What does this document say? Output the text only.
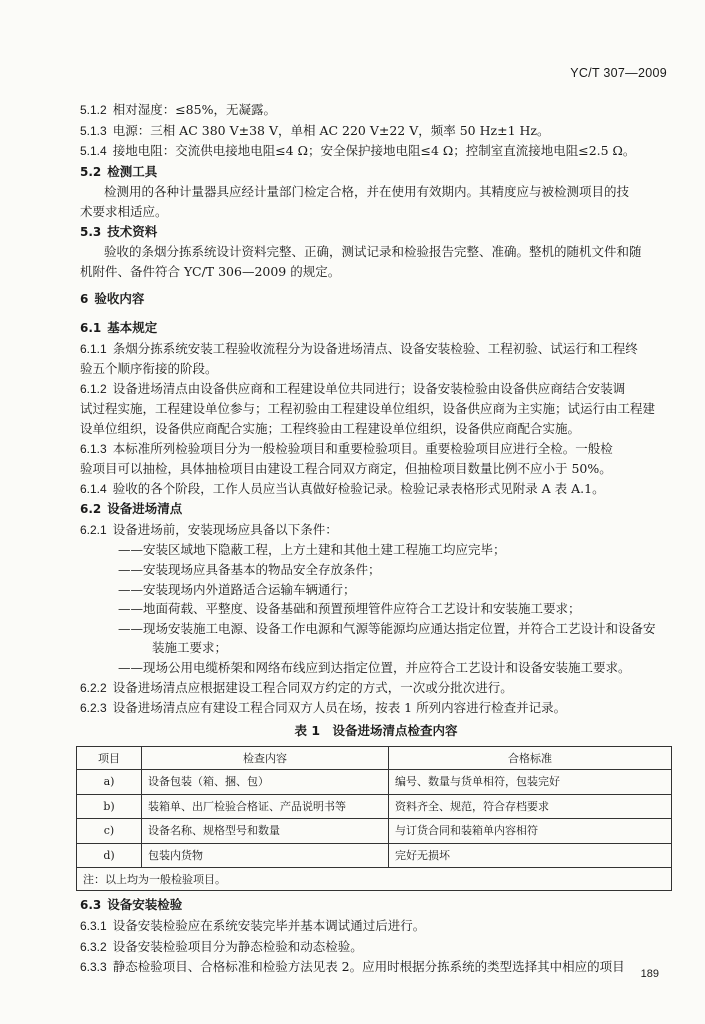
YC/T 307—2009
5.1.2 相对湿度：≤85%，无凝露。
5.1.3 电源：三相 AC 380 V±38 V，单相 AC 220 V±22 V，频率 50 Hz±1 Hz。
5.1.4 接地电阻：交流供电接地电阻≤4 Ω；安全保护接地电阻≤4 Ω；控制室直流接地电阻≤2.5 Ω。
5.2 检测工具
检测用的各种计量器具应经计量部门检定合格，并在使用有效期内。其精度应与被检测项目的技
术要求相适应。
5.3 技术资料
验收的条烟分拣系统设计资料完整、正确，测试记录和检验报告完整、准确。整机的随机文件和随
机附件、备件符合 YC/T 306—2009 的规定。
6 验收内容
6.1 基本规定
6.1.1 条烟分拣系统安装工程验收流程分为设备进场清点、设备安装检验、工程初验、试运行和工程终
验五个顺序衔接的阶段。
6.1.2 设备进场清点由设备供应商和工程建设单位共同进行；设备安装检验由设备供应商结合安装调
试过程实施，工程建设单位参与；工程初验由工程建设单位组织，设备供应商为主实施；试运行由工程建
设单位组织，设备供应商配合实施；工程终验由工程建设单位组织，设备供应商配合实施。
6.1.3 本标准所列检验项目分为一般检验项目和重要检验项目。重要检验项目应进行全检。一般检
验项目可以抽检，具体抽检项目由建设工程合同双方商定，但抽检项目数量比例不应小于 50%。
6.1.4 验收的各个阶段，工作人员应当认真做好检验记录。检验记录表格形式见附录 A 表 A.1。
6.2 设备进场清点
6.2.1 设备进场前，安装现场应具备以下条件：
——安装区域地下隐蔽工程，上方土建和其他土建工程施工均应完毕；
——安装现场应具备基本的物品安全存放条件；
——安装现场内外道路适合运输车辆通行；
——地面荷载、平整度、设备基础和预置预埋管件应符合工艺设计和安装施工要求；
——现场安装施工电源、设备工作电源和气源等能源均应通达指定位置，并符合工艺设计和设备安
装施工要求；
——现场公用电缆桥架和网络布线应到达指定位置，并应符合工艺设计和设备安装施工要求。
6.2.2 设备进场清点应根据建设工程合同双方约定的方式，一次或分批次进行。
6.2.3 设备进场清点应有建设工程合同双方人员在场，按表 1 所列内容进行检查并记录。
表 1　设备进场清点检查内容
项目	检查内容	合格标准
a)	设备包装（箱、捆、包）	编号、数量与货单相符，包装完好
b)	装箱单、出厂检验合格证、产品说明书等	资料齐全、规范，符合存档要求
c)	设备名称、规格型号和数量	与订货合同和装箱单内容相符
d)	包装内货物	完好无损坏
注：以上均为一般检验项目。		
6.3 设备安装检验
6.3.1 设备安装检验应在系统安装完毕并基本调试通过后进行。
6.3.2 设备安装检验项目分为静态检验和动态检验。
6.3.3 静态检验项目、合格标准和检验方法见表 2。应用时根据分拣系统的类型选择其中相应的项目	189
